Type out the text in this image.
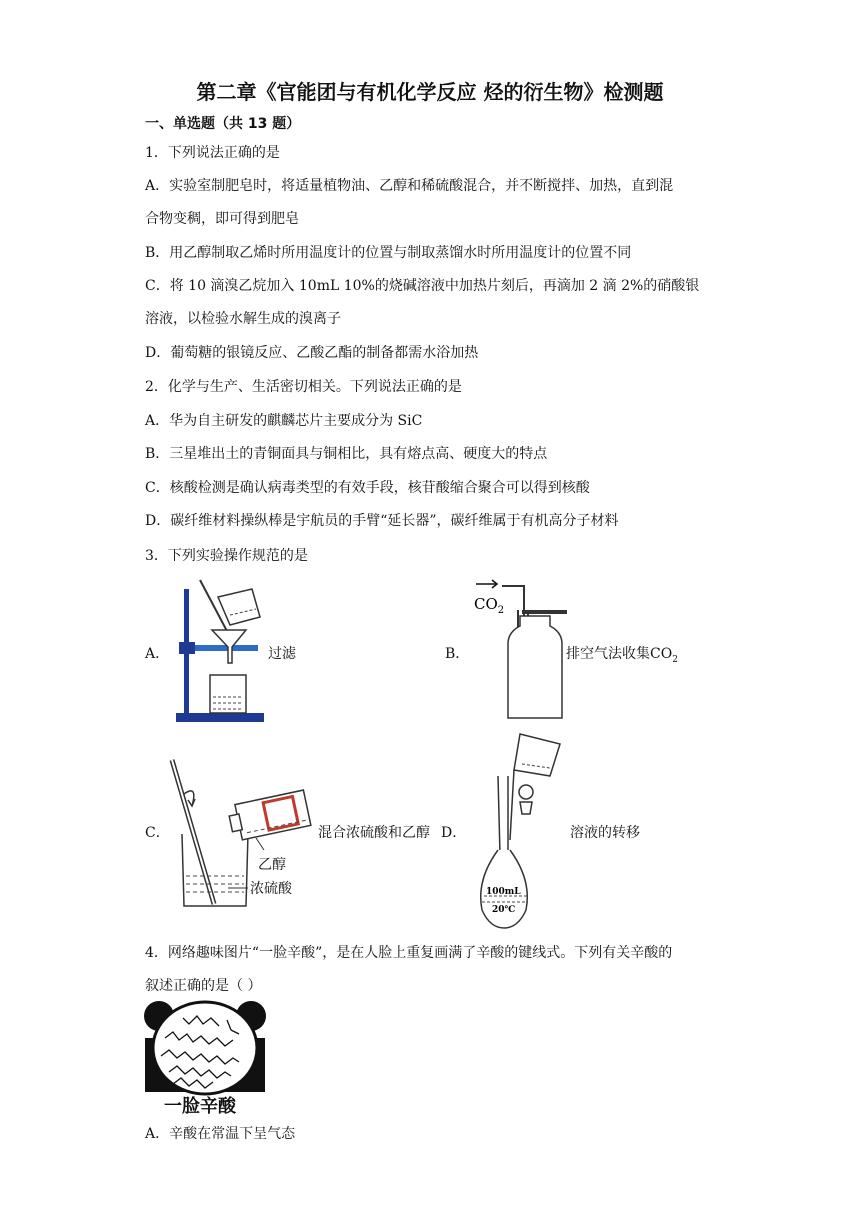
第二章《官能团与有机化学反应 烃的衍生物》检测题
一、单选题（共 13 题）
1．下列说法正确的是
A．实验室制肥皂时，将适量植物油、乙醇和稀硫酸混合，并不断搅拌、加热，直到混
合物变稠，即可得到肥皂
B．用乙醇制取乙烯时所用温度计的位置与制取蒸馏水时所用温度计的位置不同
C．将 10 滴溴乙烷加入 10mL 10%的烧碱溶液中加热片刻后，再滴加 2 滴 2%的硝酸银
溶液，以检验水解生成的溴离子
D．葡萄糖的银镜反应、乙酸乙酯的制备都需水浴加热
2．化学与生产、生活密切相关。下列说法正确的是
A．华为自主研发的麒麟芯片主要成分为 SiC
B．三星堆出土的青铜面具与铜相比，具有熔点高、硬度大的特点
C．核酸检测是确认病毒类型的有效手段，核苷酸缩合聚合可以得到核酸
D．碳纤维材料操纵棒是宇航员的手臂“延长器”，碳纤维属于有机高分子材料
3．下列实验操作规范的是
A．	过滤	B．
$CO_2$
排空气法收集$CO_2$
C．
乙醇
浓硫酸
混合浓硫酸和乙醇 D．
100mL
20℃
溶液的转移
4．网络趣味图片“一脸辛酸”，是在人脸上重复画满了辛酸的键线式。下列有关辛酸的
叙述正确的是（ ）
一脸辛酸
A．辛酸在常温下呈气态
